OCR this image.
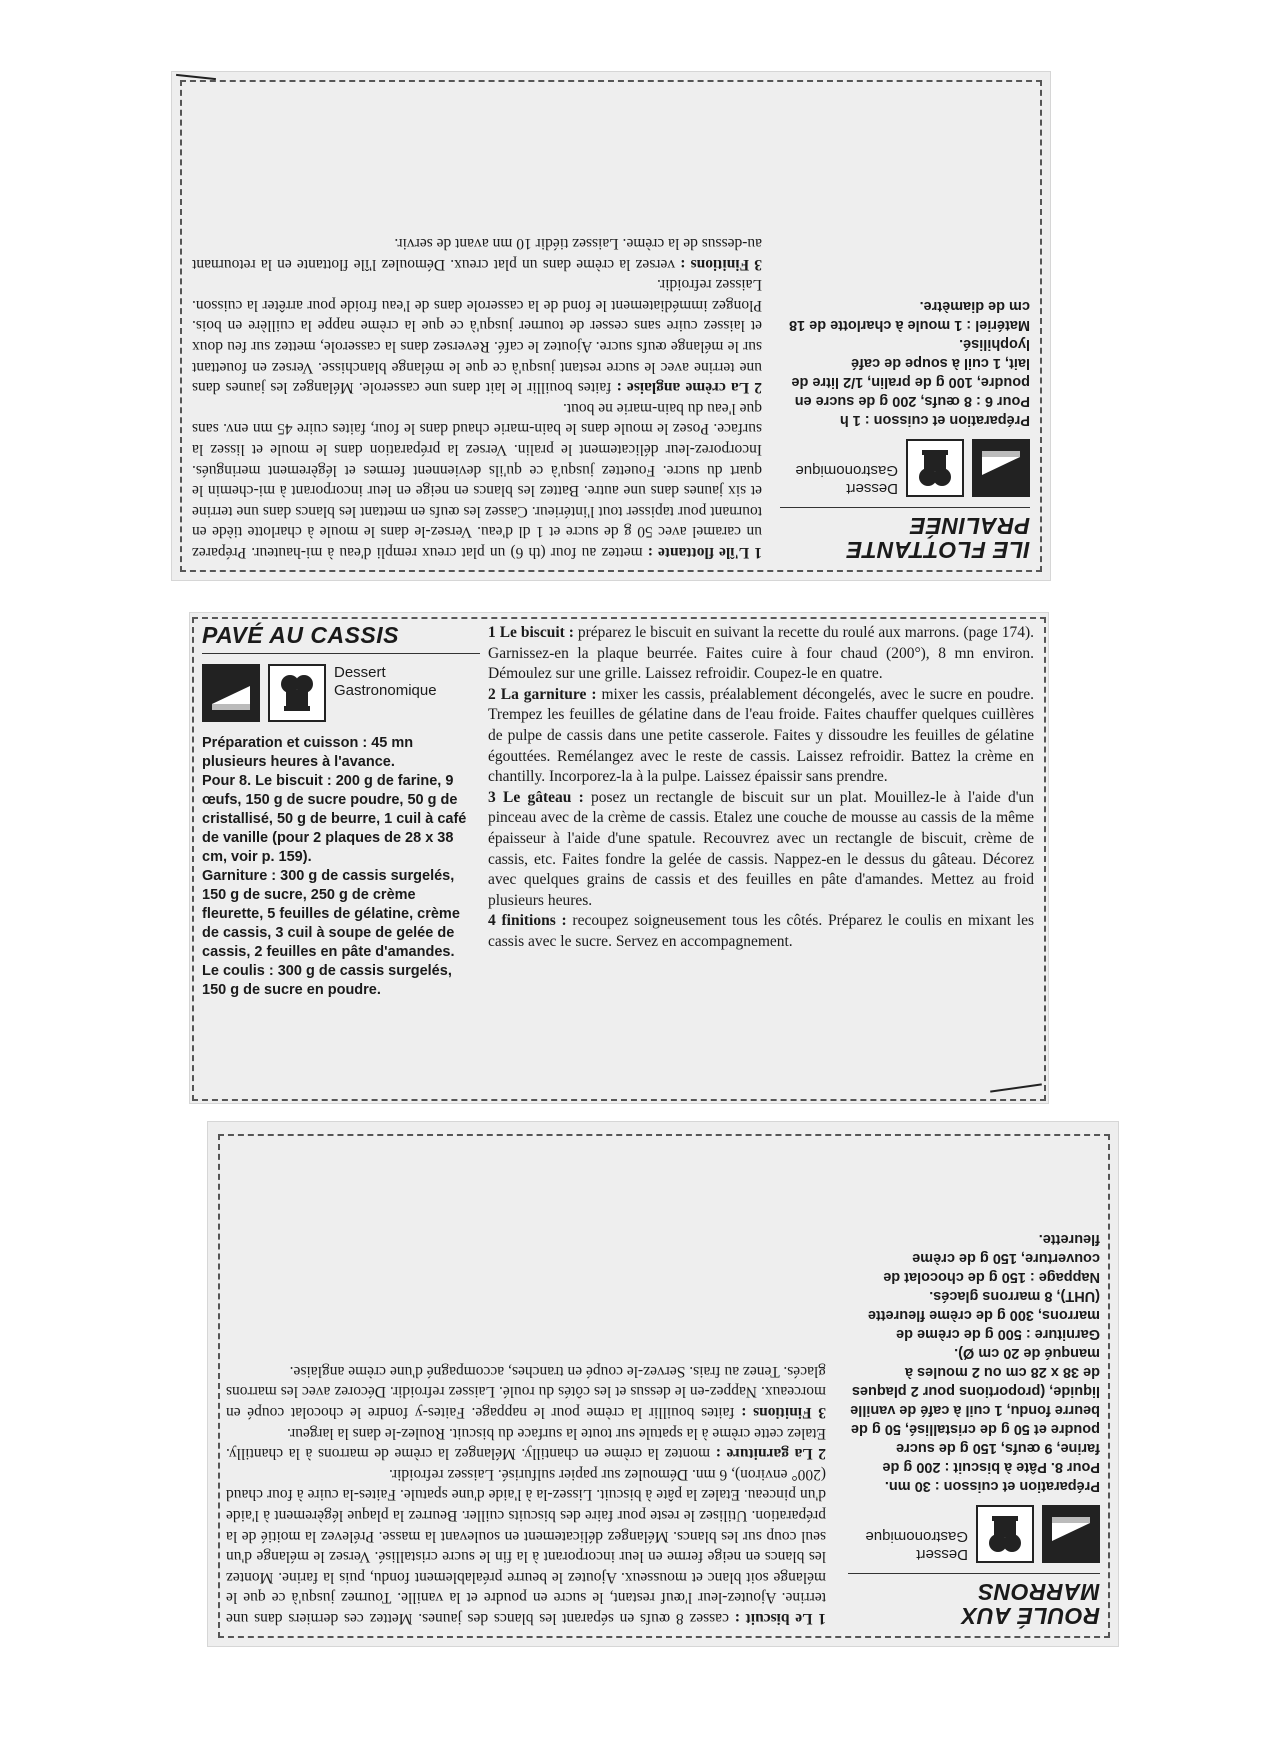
ILE FLOTTANTE PRALINÉE
Dessert
Gastronomique
Préparation et cuisson : 1 h
Pour 6 : 8 œufs, 200 g de sucre en poudre, 100 g de pralin, 1/2 litre de lait, 1 cuil à soupe de café lyophilisé.
Matériel : 1 moule à charlotte de 18 cm de diamètre.

1 L'île flottante : mettez au four (th 6) un plat creux rempli d'eau à mi-hauteur. Préparez un caramel avec 50 g de sucre et 1 dl d'eau. Versez-le dans le moule à charlotte tiède en tournant pour tapisser tout l'intérieur. Cassez les œufs en mettant les blancs dans une terrine et six jaunes dans une autre. Battez les blancs en neige en leur incorporant à mi-chemin le quart du sucre. Fouettez jusqu'à ce qu'ils deviennent fermes et légèrement meringués. Incorporez-leur délicatement le pralin. Versez la préparation dans le moule et lissez la surface. Posez le moule dans le bain-marie chaud dans le four, faites cuire 45 mn env. sans que l'eau du bain-marie ne bout.

2 La crème anglaise : faites bouillir le lait dans une casserole. Mélangez les jaunes dans une terrine avec le sucre restant jusqu'à ce que le mélange blanchisse. Versez en fouettant sur le mélange œufs sucre. Ajoutez le café. Reversez dans la casserole, mettez sur feu doux et laissez cuire sans cesser de tourner jusqu'à ce que la crème nappe la cuillère en bois. Plongez immédiatement le fond de la casserole dans de l'eau froide pour arrêter la cuisson. Laissez refroidir.

3 Finitions : versez la crème dans un plat creux. Démoulez l'île flottante en la retournant au-dessus de la crème. Laissez tiédir 10 mn avant de servir.

PAVÉ AU CASSIS
Dessert
Gastronomique
Préparation et cuisson : 45 mn plusieurs heures à l'avance.
Pour 8. Le biscuit : 200 g de farine, 9 œufs, 150 g de sucre poudre, 50 g de cristallisé, 50 g de beurre, 1 cuil à café de vanille (pour 2 plaques de 28 x 38 cm, voir p. 159).
Garniture : 300 g de cassis surgelés, 150 g de sucre, 250 g de crème fleurette, 5 feuilles de gélatine, crème de cassis, 3 cuil à soupe de gelée de cassis, 2 feuilles en pâte d'amandes.
Le coulis : 300 g de cassis surgelés, 150 g de sucre en poudre.

1 Le biscuit : préparez le biscuit en suivant la recette du roulé aux marrons. (page 174). Garnissez-en la plaque beurrée. Faites cuire à four chaud (200°), 8 mn environ. Démoulez sur une grille. Laissez refroidir. Coupez-le en quatre.

2 La garniture : mixer les cassis, préalablement décongelés, avec le sucre en poudre. Trempez les feuilles de gélatine dans de l'eau froide. Faites chauffer quelques cuillères de pulpe de cassis dans une petite casserole. Faites y dissoudre les feuilles de gélatine égouttées. Remélangez avec le reste de cassis. Laissez refroidir. Battez la crème en chantilly. Incorporez-la à la pulpe. Laissez épaissir sans prendre.

3 Le gâteau : posez un rectangle de biscuit sur un plat. Mouillez-le à l'aide d'un pinceau avec de la crème de cassis. Etalez une couche de mousse au cassis de la même épaisseur à l'aide d'une spatule. Recouvrez avec un rectangle de biscuit, crème de cassis, etc. Faites fondre la gelée de cassis. Nappez-en le dessus du gâteau. Décorez avec quelques grains de cassis et des feuilles en pâte d'amandes. Mettez au froid plusieurs heures.

4 finitions : recoupez soigneusement tous les côtés. Préparez le coulis en mixant les cassis avec le sucre. Servez en accompagnement.

ROULÉ AUX MARRONS
Dessert
Gastronomique
Préparation et cuisson : 30 mn.
Pour 8. Pâte à biscuit : 200 g de farine, 9 œufs, 150 g de sucre poudre et 50 g de cristallisé, 50 g de beurre fondu, 1 cuil à café de vanille liquide, (proportions pour 2 plaques de 38 x 28 cm ou 2 moules à manqué de 20 cm Ø).
Garniture : 500 g de crème de marrons, 300 g de crème fleurette (UHT), 8 marrons glacés.
Nappage : 150 g de chocolat de couverture, 150 g de crème fleurette.

1 Le biscuit : cassez 8 œufs en séparant les blancs des jaunes. Mettez ces derniers dans une terrine. Ajoutez-leur l'œuf restant, le sucre en poudre et la vanille. Tournez jusqu'à ce que le mélange soit blanc et mousseux. Ajoutez le beurre préalablement fondu, puis la farine. Montez les blancs en neige ferme en leur incorporant à la fin le sucre cristallisé. Versez le mélange d'un seul coup sur les blancs. Mélangez délicatement en soulevant la masse. Prélevez la moitié de la préparation. Utilisez le reste pour faire des biscuits cuiller. Beurrez la plaque légèrement à l'aide d'un pinceau. Etalez la pâte à biscuit. Lissez-la à l'aide d'une spatule. Faites-la cuire à four chaud (200° environ), 6 mn. Démoulez sur papier sulfurisé. Laissez refroidir.

2 La garniture : montez la crème en chantilly. Mélangez la crème de marrons à la chantilly. Etalez cette crème à la spatule sur toute la surface du biscuit. Roulez-le dans la largeur.

3 Finitions : faites bouillir la crème pour le nappage. Faites-y fondre le chocolat coupé en morceaux. Nappez-en le dessus et les côtés du roulé. Laissez refroidir. Décorez avec les marrons glacés. Tenez au frais. Servez-le coupé en tranches, accompagné d'une crème anglaise.
